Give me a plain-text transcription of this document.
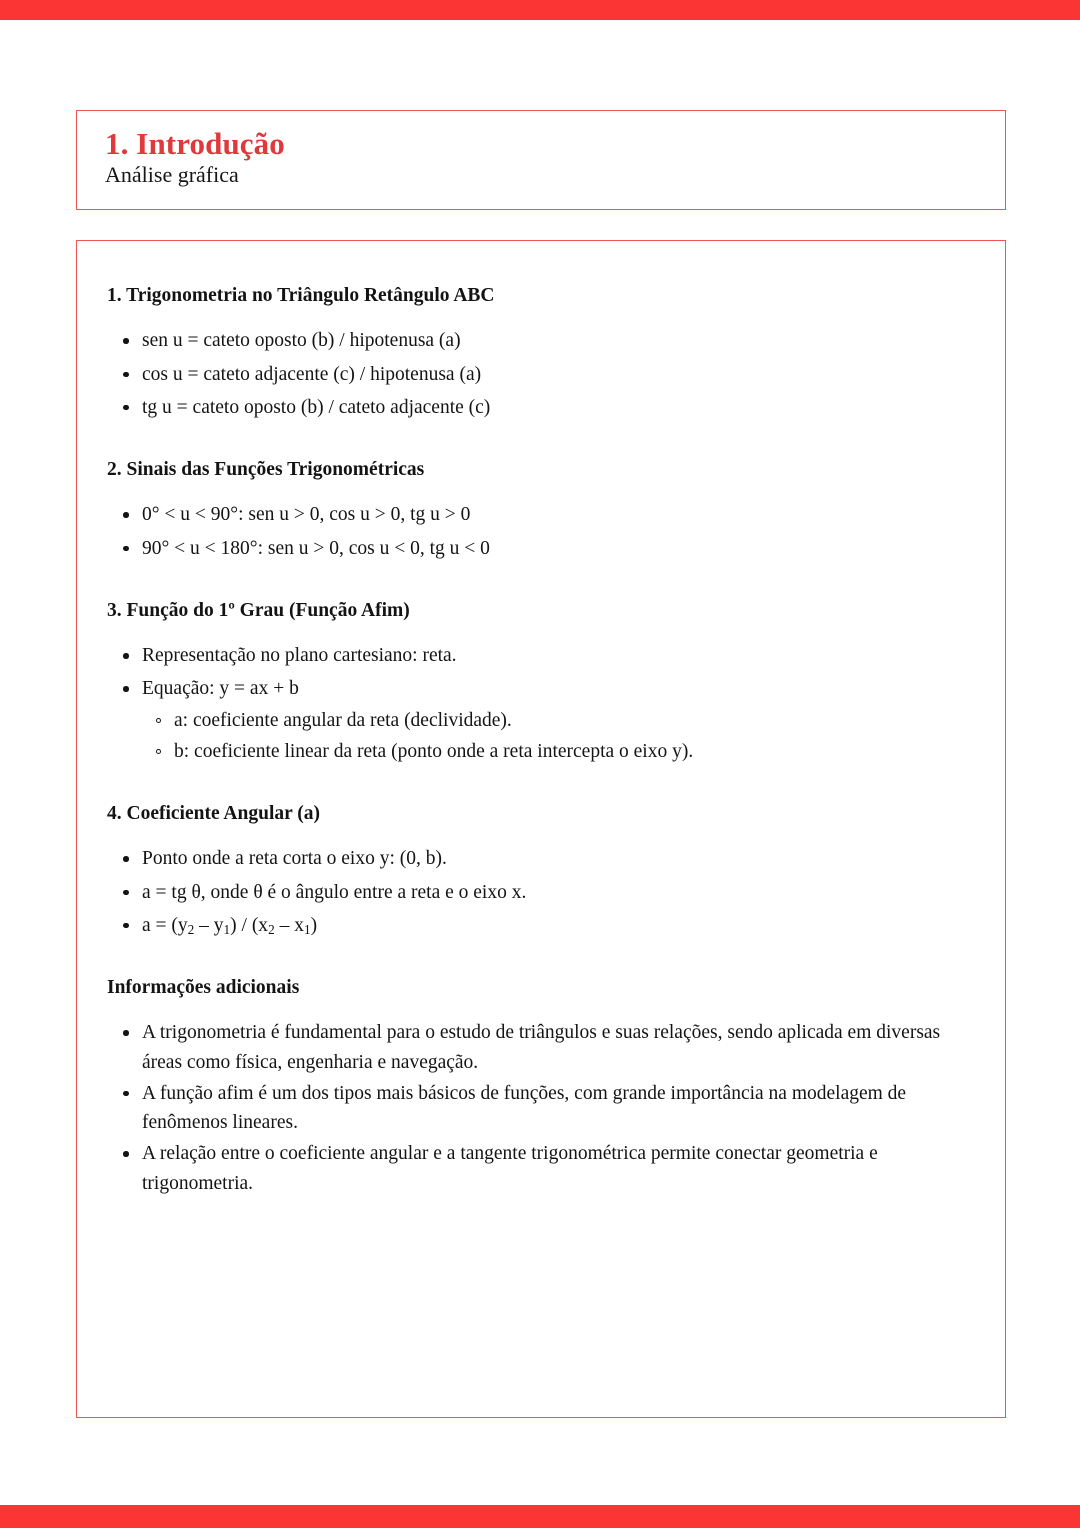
1. Introdução
Análise gráfica
1. Trigonometria no Triângulo Retângulo ABC
sen u = cateto oposto (b) / hipotenusa (a)
cos u = cateto adjacente (c) / hipotenusa (a)
tg u = cateto oposto (b) / cateto adjacente (c)
2. Sinais das Funções Trigonométricas
0° < u < 90°: sen u > 0, cos u > 0, tg u > 0
90° < u < 180°: sen u > 0, cos u < 0, tg u < 0
3. Função do 1º Grau (Função Afim)
Representação no plano cartesiano: reta.
Equação: y = ax + b
a: coeficiente angular da reta (declividade).
b: coeficiente linear da reta (ponto onde a reta intercepta o eixo y).
4. Coeficiente Angular (a)
Ponto onde a reta corta o eixo y: (0, b).
a = tg θ, onde θ é o ângulo entre a reta e o eixo x.
$a = (y_2 - y_1) / (x_2 - x_1)$
Informações adicionais
A trigonometria é fundamental para o estudo de triângulos e suas relações, sendo aplicada em diversas áreas como física, engenharia e navegação.
A função afim é um dos tipos mais básicos de funções, com grande importância na modelagem de fenômenos lineares.
A relação entre o coeficiente angular e a tangente trigonométrica permite conectar geometria e trigonometria.
